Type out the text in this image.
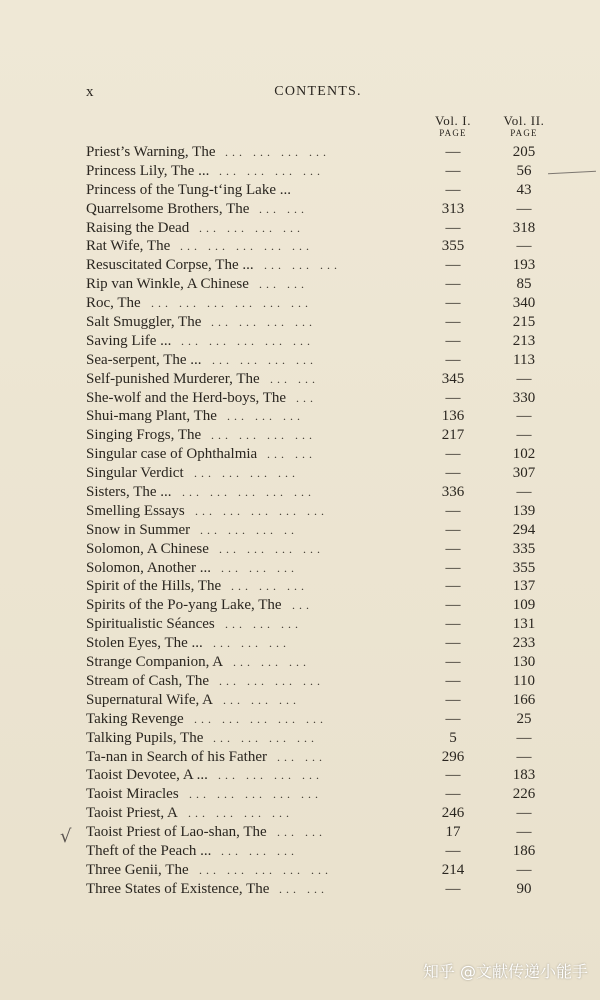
x	CONTENTS.
Vol. I.
PAGE
Vol. II.
PAGE
Priest’s Warning, The	—	205
... ... ... ...
Princess Lily, The ...	—	56
... ... ... ...
Princess of the Tung-t‘ing Lake ...	—	43
Quarrelsome Brothers, The	313	—
... ...
Raising the Dead	—	318
... ... ... ...
Rat Wife, The	355	—
... ... ... ... ...
Resuscitated Corpse, The ...	—	193
... ... ...
Rip van Winkle, A Chinese	—	85
... ...
Roc, The	—	340
... ... ... ... ... ...
Salt Smuggler, The	—	215
... ... ... ...
Saving Life ...	—	213
... ... ... ... ...
Sea-serpent, The ...	—	113
... ... ... ...
Self-punished Murderer, The	345	—
... ...
She-wolf and the Herd-boys, The	—	330
...
Shui-mang Plant, The	136	—
... ... ...
Singing Frogs, The	217	—
... ... ... ...
Singular case of Ophthalmia	—	102
... ...
Singular Verdict	—	307
... ... ... ...
Sisters, The ...	336	—
... ... ... ... ...
Smelling Essays	—	139
... ... ... ... ...
Snow in Summer	—	294
... ... ... ..
Solomon, A Chinese	—	335
... ... ... ...
Solomon, Another ...	—	355
... ... ...
Spirit of the Hills, The	—	137
... ... ...
Spirits of the Po-yang Lake, The	—	109
...
Spiritualistic Séances	—	131
... ... ...
Stolen Eyes, The ...	—	233
... ... ...
Strange Companion, A	—	130
... ... ...
Stream of Cash, The	—	110
... ... ... ...
Supernatural Wife, A	—	166
... ... ...
Taking Revenge	—	25
... ... ... ... ...
Talking Pupils, The	5	—
... ... ... ...
Ta-nan in Search of his Father	296	—
... ...
Taoist Devotee, A ...	—	183
... ... ... ...
Taoist Miracles	—	226
... ... ... ... ...
Taoist Priest, A	246	—
... ... ... ...
Taoist Priest of Lao-shan, The	17	—
... ...
Theft of the Peach ...	—	186
... ... ...
Three Genii, The	214	—
... ... ... ... ...
Three States of Existence, The	—	90
... ...
√
知乎 @文献传递小能手
